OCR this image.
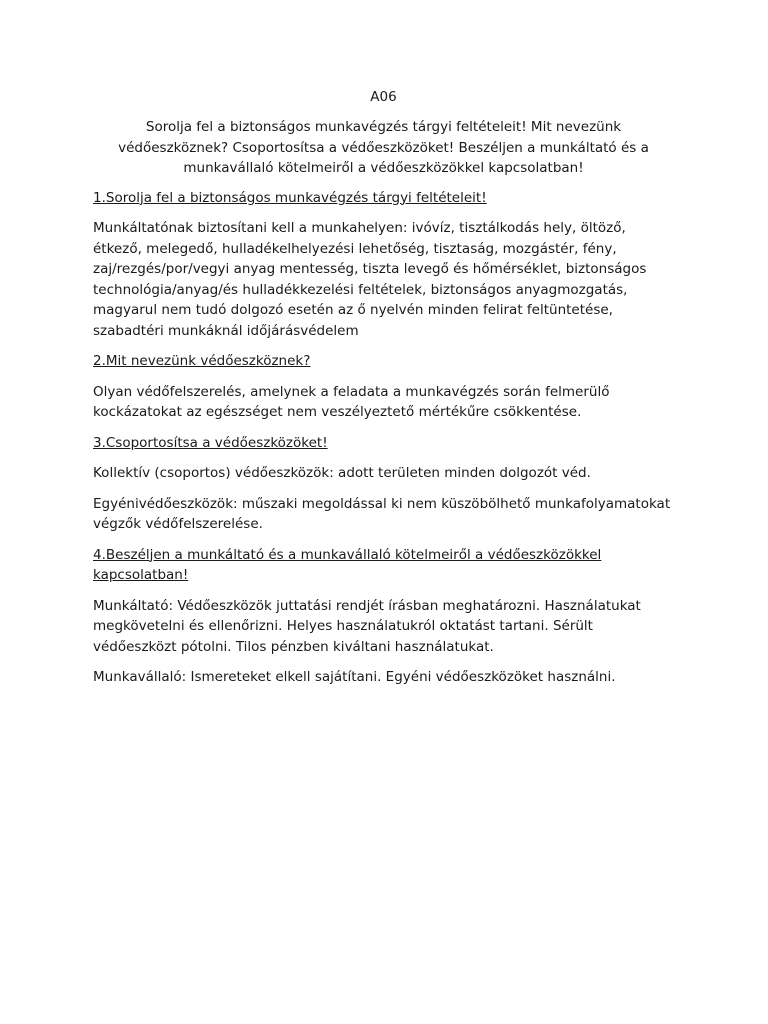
A06
Sorolja fel a biztonságos munkavégzés tárgyi feltételeit! Mit nevezünk védőeszköznek? Csoportosítsa a védőeszközöket! Beszéljen a munkáltató és a munkavállaló kötelmeiről a védőeszközökkel kapcsolatban!
1.Sorolja fel a biztonságos munkavégzés tárgyi feltételeit!
Munkáltatónak biztosítani kell a munkahelyen: ivóvíz, tisztálkodás hely, öltöző, étkező, melegedő, hulladékelhelyezési lehetőség, tisztaság, mozgástér, fény, zaj/rezgés/por/vegyi anyag mentesség, tiszta levegő és hőmérséklet, biztonságos technológia/anyag/és hulladékkezelési feltételek, biztonságos anyagmozgatás, magyarul nem tudó dolgozó esetén az ő nyelvén minden felirat feltüntetése, szabadtéri munkáknál időjárásvédelem
2.Mit nevezünk védőeszköznek?
Olyan védőfelszerelés, amelynek a feladata a munkavégzés során felmerülő kockázatokat az egészséget nem veszélyeztető mértékűre csökkentése.
3.Csoportosítsa a védőeszközöket!
Kollektív (csoportos) védőeszközök: adott területen minden dolgozót véd.
Egyénivédőeszközök: műszaki megoldással ki nem küszöbölhető munkafolyamatokat végzők védőfelszerelése.
4.Beszéljen a munkáltató és a munkavállaló kötelmeiről a védőeszközökkel kapcsolatban!
Munkáltató: Védőeszközök juttatási rendjét írásban meghatározni. Használatukat megkövetelni és ellenőrizni. Helyes használatukról oktatást tartani. Sérült védőeszközt pótolni. Tilos pénzben kiváltani használatukat.
Munkavállaló: Ismereteket elkell sajátítani. Egyéni védőeszközöket használni.
